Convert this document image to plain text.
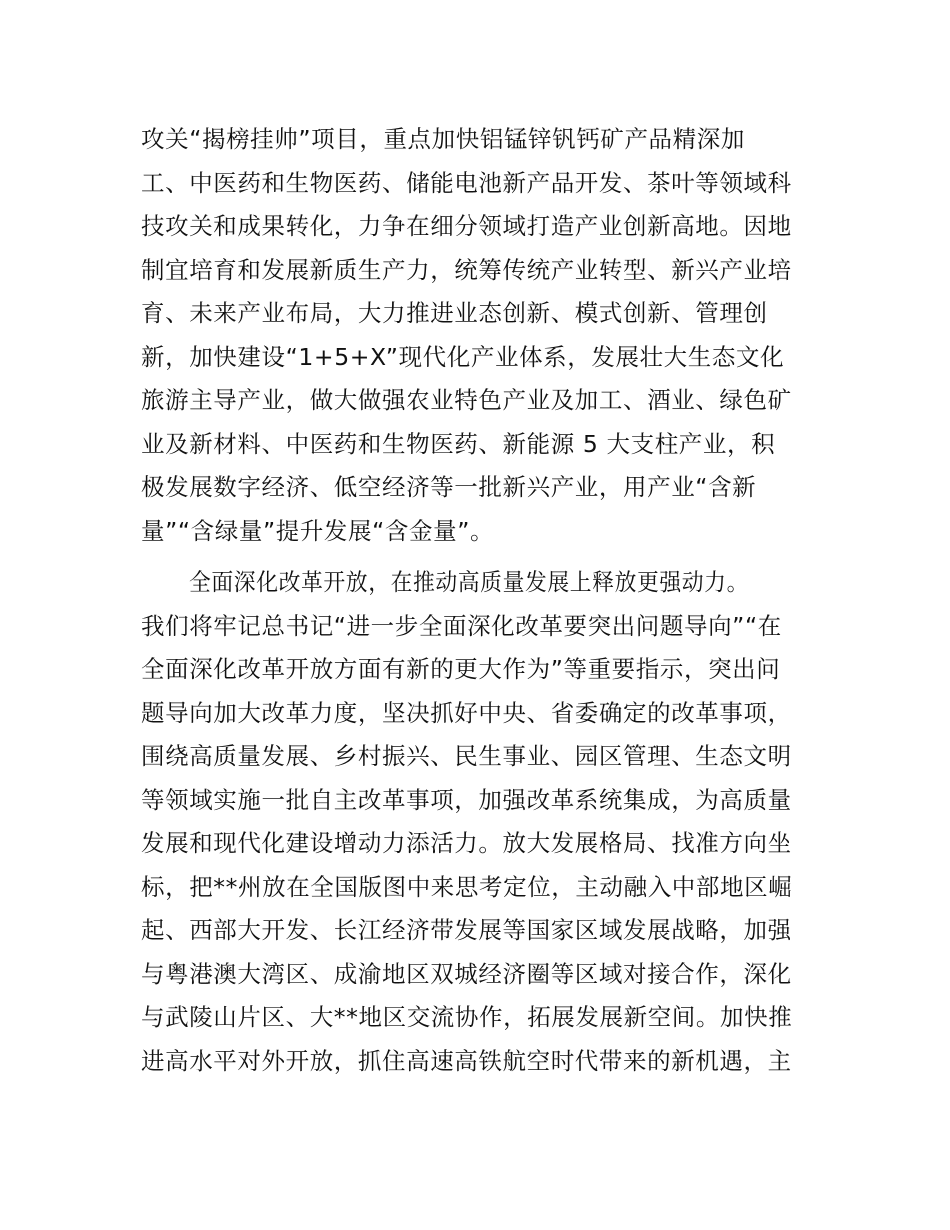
攻关“揭榜挂帅”项目，重点加快铝锰锌钒钙矿产品精深加
工、中医药和生物医药、储能电池新产品开发、茶叶等领域科
技攻关和成果转化，力争在细分领域打造产业创新高地。因地
制宜培育和发展新质生产力，统筹传统产业转型、新兴产业培
育、未来产业布局，大力推进业态创新、模式创新、管理创
新，加快建设“1+5+X”现代化产业体系，发展壮大生态文化
旅游主导产业，做大做强农业特色产业及加工、酒业、绿色矿
业及新材料、中医药和生物医药、新能源 5 大支柱产业，积
极发展数字经济、低空经济等一批新兴产业，用产业“含新
量”“含绿量”提升发展“含金量”。
全面深化改革开放，在推动高质量发展上释放更强动力。
我们将牢记总书记“进一步全面深化改革要突出问题导向”“在
全面深化改革开放方面有新的更大作为”等重要指示，突出问
题导向加大改革力度，坚决抓好中央、省委确定的改革事项，
围绕高质量发展、乡村振兴、民生事业、园区管理、生态文明
等领域实施一批自主改革事项，加强改革系统集成，为高质量
发展和现代化建设增动力添活力。放大发展格局、找准方向坐
标，把**州放在全国版图中来思考定位，主动融入中部地区崛
起、西部大开发、长江经济带发展等国家区域发展战略，加强
与粤港澳大湾区、成渝地区双城经济圈等区域对接合作，深化
与武陵山片区、大**地区交流协作，拓展发展新空间。加快推
进高水平对外开放，抓住高速高铁航空时代带来的新机遇，主
